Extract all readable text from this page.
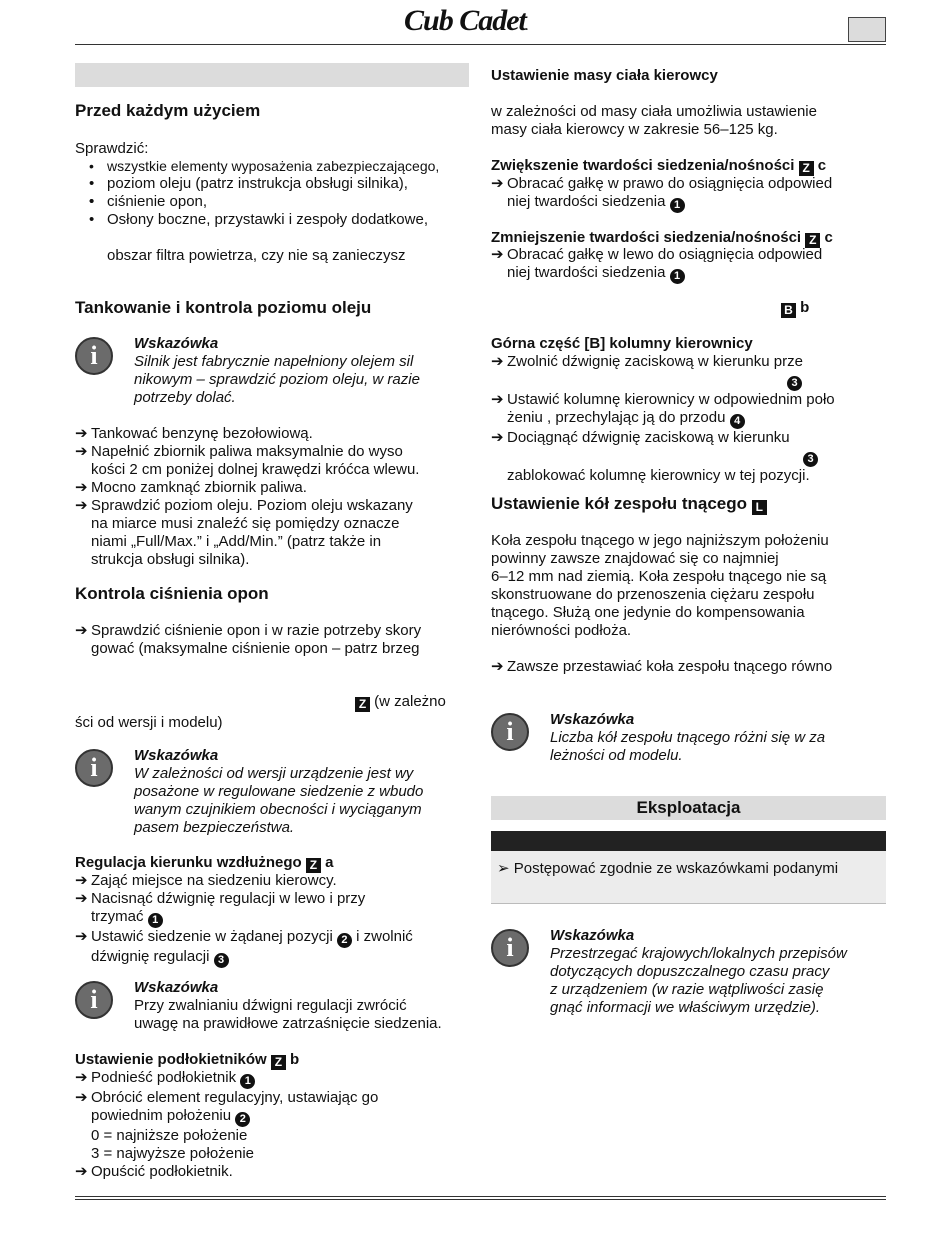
Cub Cadet.
Przed każdym użyciem
Sprawdzić:
• wszystkie elementy wyposażenia zabezpieczającego,
• poziom oleju (patrz instrukcja obsługi silnika),
• ciśnienie opon,
• Osłony boczne, przystawki i zespoły dodatkowe,
obszar filtra powietrza, czy nie są zanieczysz
Tankowanie i kontrola poziomu oleju
i	Wskazówka
Silnik jest fabrycznie napełniony olejem sil
nikowym – sprawdzić poziom oleju, w razie
potrzeby dolać.
➔ Tankować benzynę bezołowiową.
➔ Napełnić zbiornik paliwa maksymalnie do wyso
kości 2 cm poniżej dolnej krawędzi króćca wlewu.
➔ Mocno zamknąć zbiornik paliwa.
➔ Sprawdzić poziom oleju. Poziom oleju wskazany
na miarce musi znaleźć się pomiędzy oznacze
niami „Full/Max.” i „Add/Min.” (patrz także in
strukcja obsługi silnika).
Kontrola ciśnienia opon
➔ Sprawdzić ciśnienie opon i w razie potrzeby skory
gować (maksymalne ciśnienie opon – patrz brzeg
Z (w zależno
ści od wersji i modelu)
i	Wskazówka
W zależności od wersji urządzenie jest wy
posażone w regulowane siedzenie z wbudo
wanym czujnikiem obecności i wyciąganym
pasem bezpieczeństwa.
Regulacja kierunku wzdłużnego Z a
➔ Zająć miejsce na siedzeniu kierowcy.
➔ Nacisnąć dźwignię regulacji w lewo i przy
trzymać 1
➔ Ustawić siedzenie w żądanej pozycji 2 i zwolnić
dźwignię regulacji 3
i	Wskazówka
Przy zwalnianiu dźwigni regulacji zwrócić
uwagę na prawidłowe zatrzaśnięcie siedzenia.
Ustawienie podłokietników Z b
➔ Podnieść podłokietnik 1
➔ Obrócić element regulacyjny, ustawiając go
powiednim położeniu 2
0 = najniższe położenie
3 = najwyższe położenie
➔ Opuścić podłokietnik.
Ustawienie masy ciała kierowcy
w zależności od masy ciała umożliwia ustawienie
masy ciała kierowcy w zakresie 56–125 kg.
Zwiększenie twardości siedzenia/nośności Z c
➔ Obracać gałkę w prawo do osiągnięcia odpowied
niej twardości siedzenia 1
Zmniejszenie twardości siedzenia/nośności Z c
➔ Obracać gałkę w lewo do osiągnięcia odpowied
niej twardości siedzenia 1
B b
Górna część [B] kolumny kierownicy
➔ Zwolnić dźwignię zaciskową w kierunku prze
3
➔ Ustawić kolumnę kierownicy w odpowiednim poło
żeniu , przechylając ją do przodu 4
➔ Dociągnąć dźwignię zaciskową w kierunku
3
zablokować kolumnę kierownicy w tej pozycji.
Ustawienie kół zespołu tnącego L
Koła zespołu tnącego w jego najniższym położeniu
powinny zawsze znajdować się co najmniej
6–12 mm nad ziemią. Koła zespołu tnącego nie są
skonstruowane do przenoszenia ciężaru zespołu
tnącego. Służą one jedynie do kompensowania
nierówności podłoża.
➔ Zawsze przestawiać koła zespołu tnącego równo
i	Wskazówka
Liczba kół zespołu tnącego różni się w za
leżności od modelu.
Eksploatacja
➢ Postępować zgodnie ze wskazówkami podanymi
i	Wskazówka
Przestrzegać krajowych/lokalnych przepisów
dotyczących dopuszczalnego czasu pracy
z urządzeniem (w razie wątpliwości zasię
gnąć informacji we właściwym urzędzie).
